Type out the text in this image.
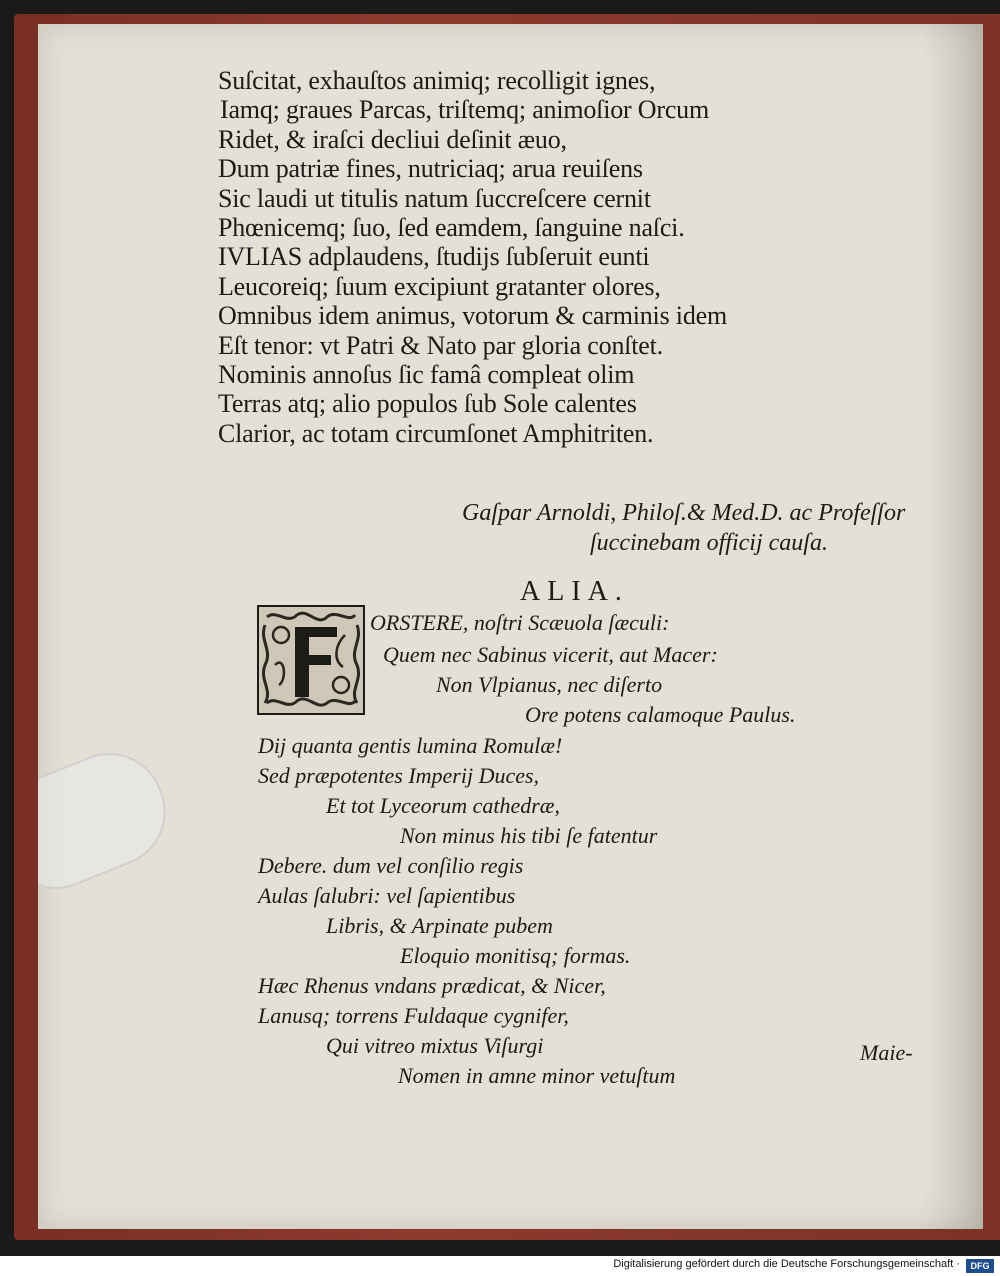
Suſcitat, exhauſtos animiq; recolligit ignes,
Iamq; graues Parcas, triſtemq; animoſior Orcum
Ridet, & iraſci decliui deſinit æuo,
Dum patriæ fines, nutriciaq; arua reuiſens
Sic laudi ut titulis natum ſuccreſcere cernit
Phœnicemq; ſuo, ſed eamdem, ſanguine naſci.
IVLIAS adplaudens, ſtudijs ſubſeruit eunti
Leucoreiq; ſuum excipiunt gratanter olores,
Omnibus idem animus, votorum & carminis idem
Eſt tenor: vt Patri & Nato par gloria conſtet.
Nominis annoſus ſic famâ compleat olim
Terras atq; alio populos ſub Sole calentes
Clarior, ac totam circumſonet Amphitriten.
Gaſpar Arnoldi, Philoſ.& Med.D. ac Profeſſor
ſuccinebam officij cauſa.
ALIA.
ORSTERE, noſtri Scæuola ſæculi:
Quem nec Sabinus vicerit, aut Macer:
Non Vlpianus, nec diſerto
Ore potens calamoque Paulus.
Dij quanta gentis lumina Romulæ!
Sed præpotentes Imperij Duces,
Et tot Lyceorum cathedræ,
Non minus his tibi ſe fatentur
Debere. dum vel conſilio regis
Aulas ſalubri: vel ſapientibus
Libris, & Arpinate pubem
Eloquio monitisq; formas.
Hæc Rhenus vndans prædicat, & Nicer,
Lanusq; torrens Fuldaque cygnifer,
Qui vitreo mixtus Viſurgi
Nomen in amne minor vetuſtum
Maie-
Digitalisierung gefördert durch die Deutsche Forschungsgemeinschaft ·	DFG
